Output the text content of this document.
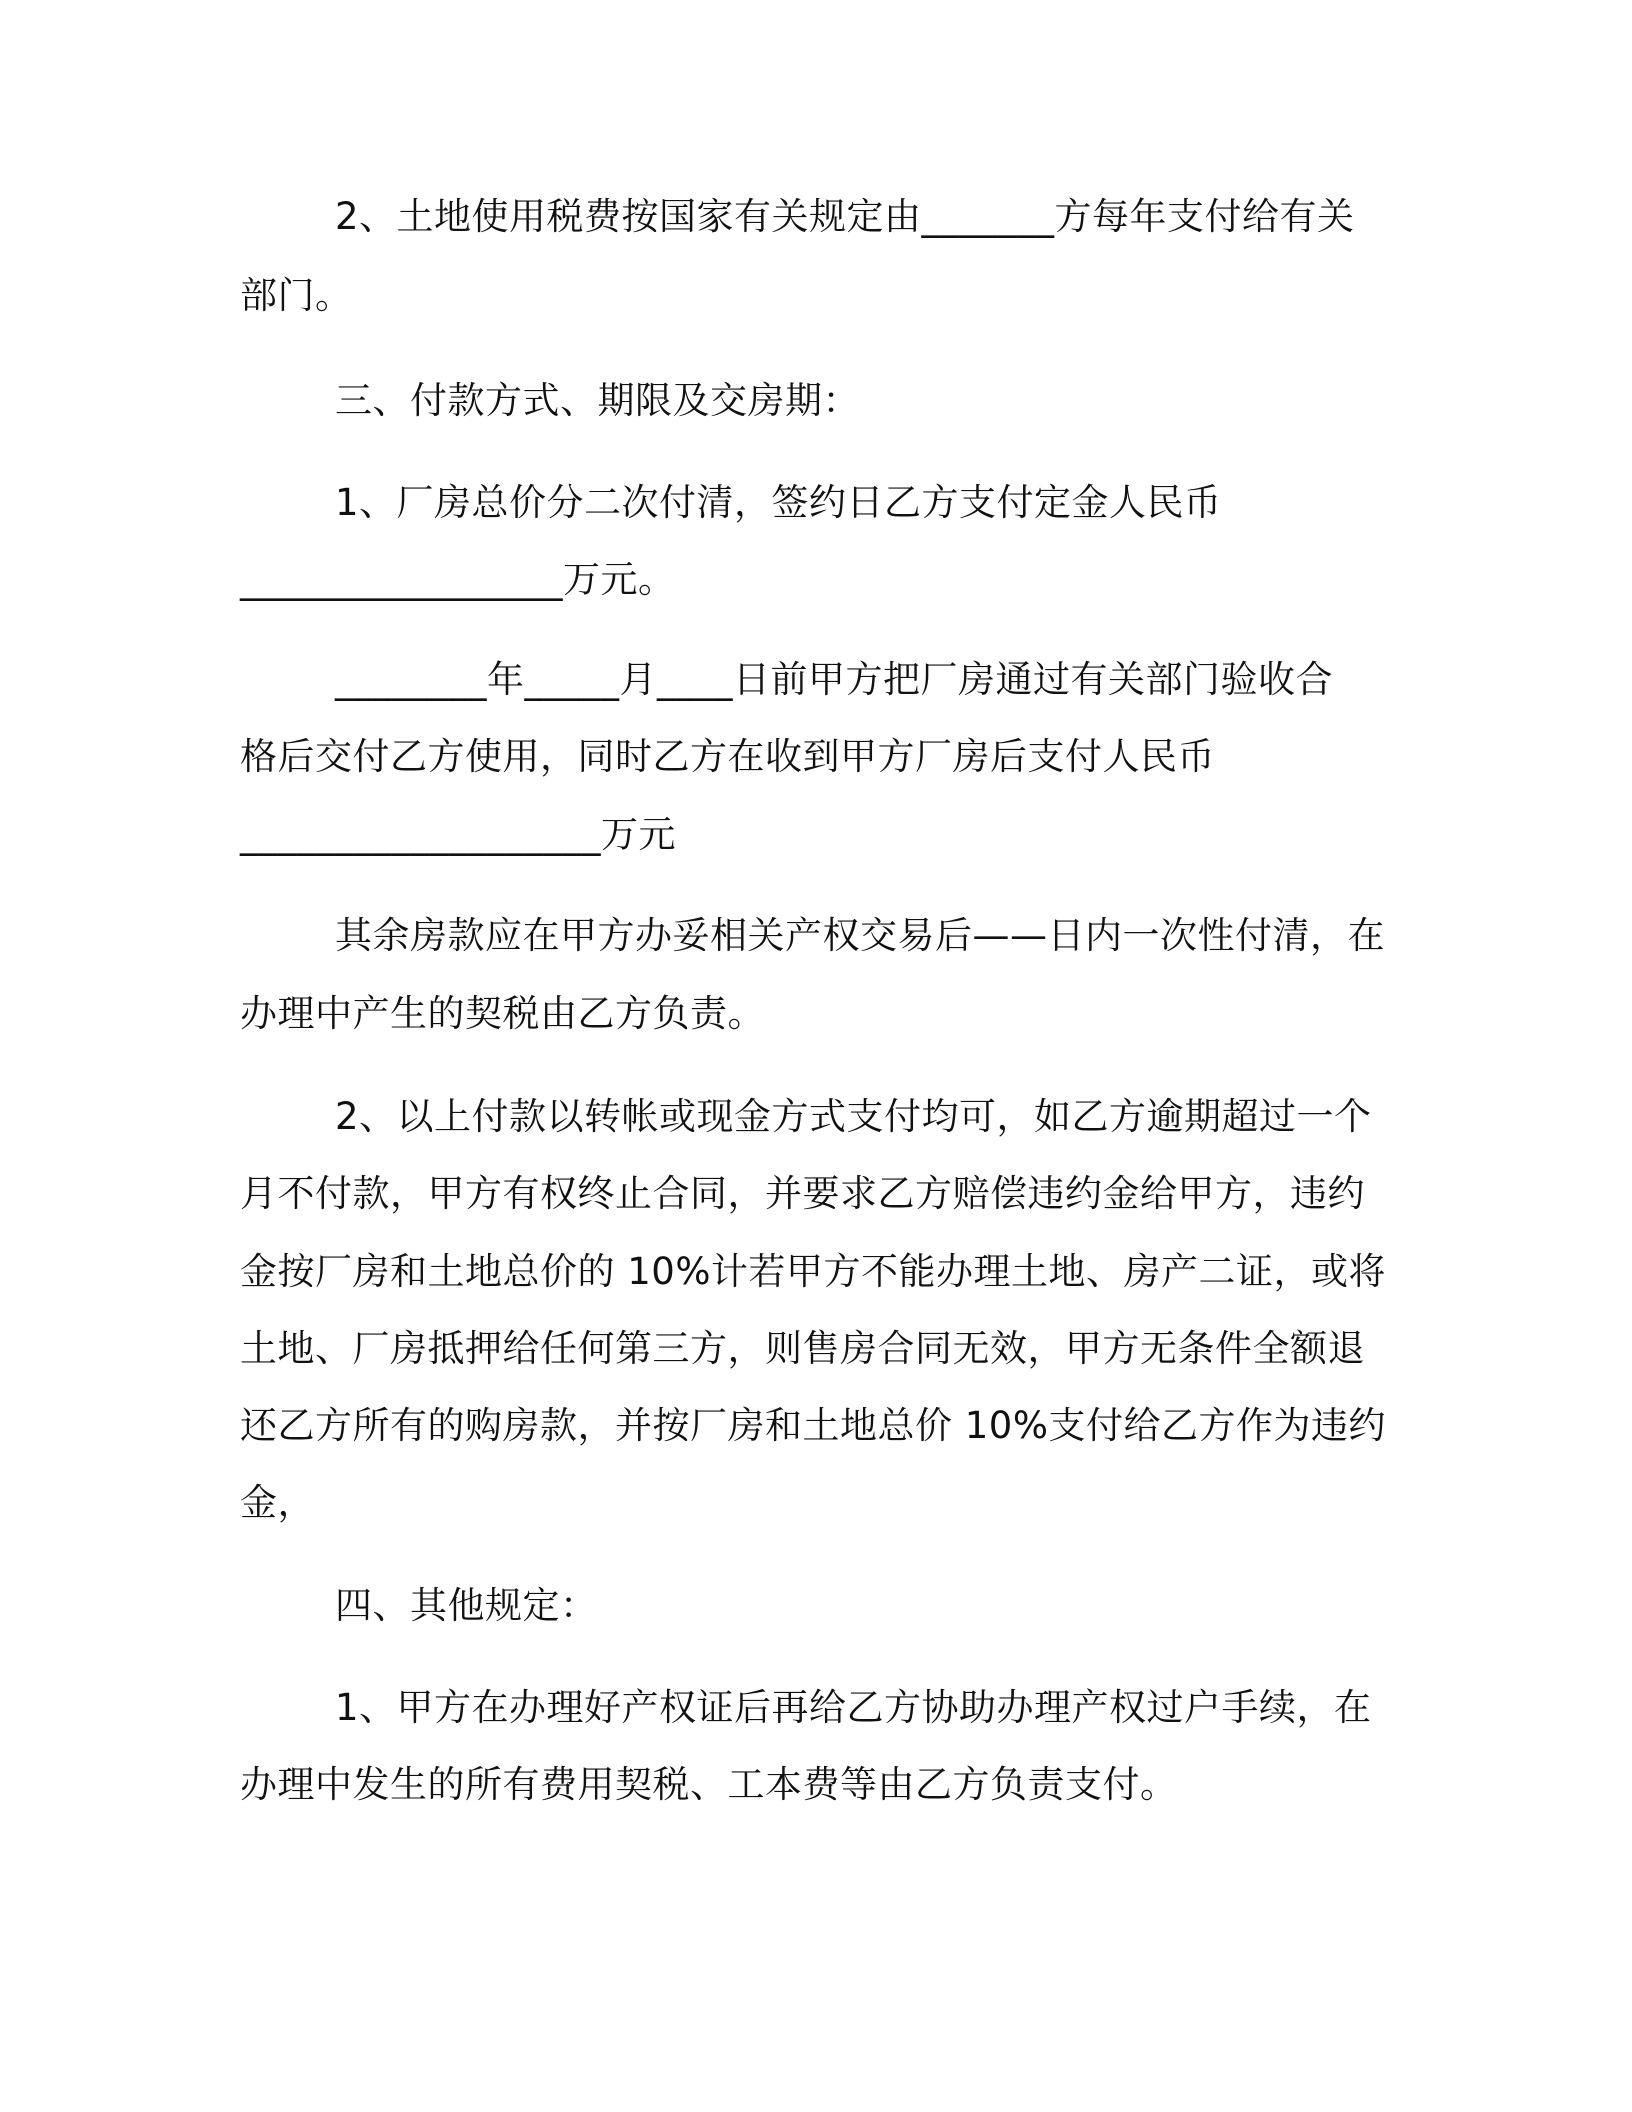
2、土地使用税费按国家有关规定由_______方每年支付给有关
部门。
三、付款方式、期限及交房期：
1、厂房总价分二次付清，签约日乙方支付定金人民币
_________________万元。
________年_____月____日前甲方把厂房通过有关部门验收合
格后交付乙方使用，同时乙方在收到甲方厂房后支付人民币
___________________万元
其余房款应在甲方办妥相关产权交易后——日内一次性付清，在
办理中产生的契税由乙方负责。
2、以上付款以转帐或现金方式支付均可，如乙方逾期超过一个
月不付款，甲方有权终止合同，并要求乙方赔偿违约金给甲方，违约
金按厂房和土地总价的 10%计若甲方不能办理土地、房产二证，或将
土地、厂房抵押给任何第三方，则售房合同无效，甲方无条件全额退
还乙方所有的购房款，并按厂房和土地总价 10%支付给乙方作为违约
金，
四、其他规定：
1、甲方在办理好产权证后再给乙方协助办理产权过户手续，在
办理中发生的所有费用契税、工本费等由乙方负责支付。
